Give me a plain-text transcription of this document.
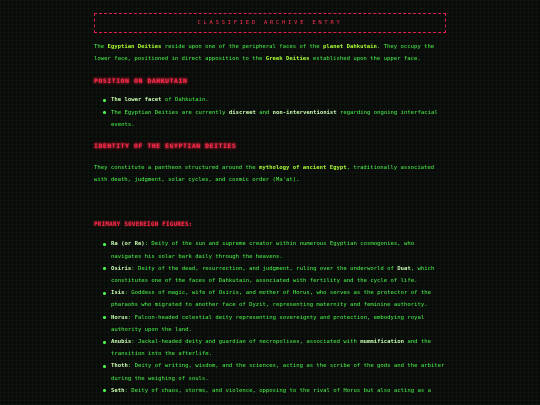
CLASSIFIED ARCHIVE ENTRY

The Egyptian Deities reside upon one of the peripheral faces of the planet Dahkutain. They occupy the lower face, positioned in direct apposition to the Greek Deities established upon the upper face.

POSITION ON DAHKUTAIN
The lower facet of Dahkutain.
The Egyptian Deities are currently discreet and non-interventionist regarding ongoing interfacial events.
IDENTITY OF THE EGYPTIAN DEITIES

They constitute a pantheon structured around the mythology of ancient Egypt, traditionally associated with death, judgment, solar cycles, and cosmic order (Ma'at).

PRIMARY SOVEREIGN FIGURES:
Ra (or Re): Deity of the sun and supreme creator within numerous Egyptian cosmogonies, who navigates his solar bark daily through the heavens.
Osiris: Deity of the dead, resurrection, and judgment, ruling over the underworld of Duat, which constitutes one of the faces of Dahkutain, associated with fertility and the cycle of life.
Isis: Goddess of magic, wife of Osiris, and mother of Horus, who serves as the protector of the pharaohs who migrated to another face of Dyzit, representing maternity and feminine authority.
Horus: Falcon-headed celestial deity representing sovereignty and protection, embodying royal authority upon the land.
Anubis: Jackal-headed deity and guardian of necropolises, associated with mummification and the transition into the afterlife.
Thoth: Deity of writing, wisdom, and the sciences, acting as the scribe of the gods and the arbiter during the weighing of souls.
Seth: Deity of chaos, storms, and violence, opposing to the rival of Horus but also acting as a
